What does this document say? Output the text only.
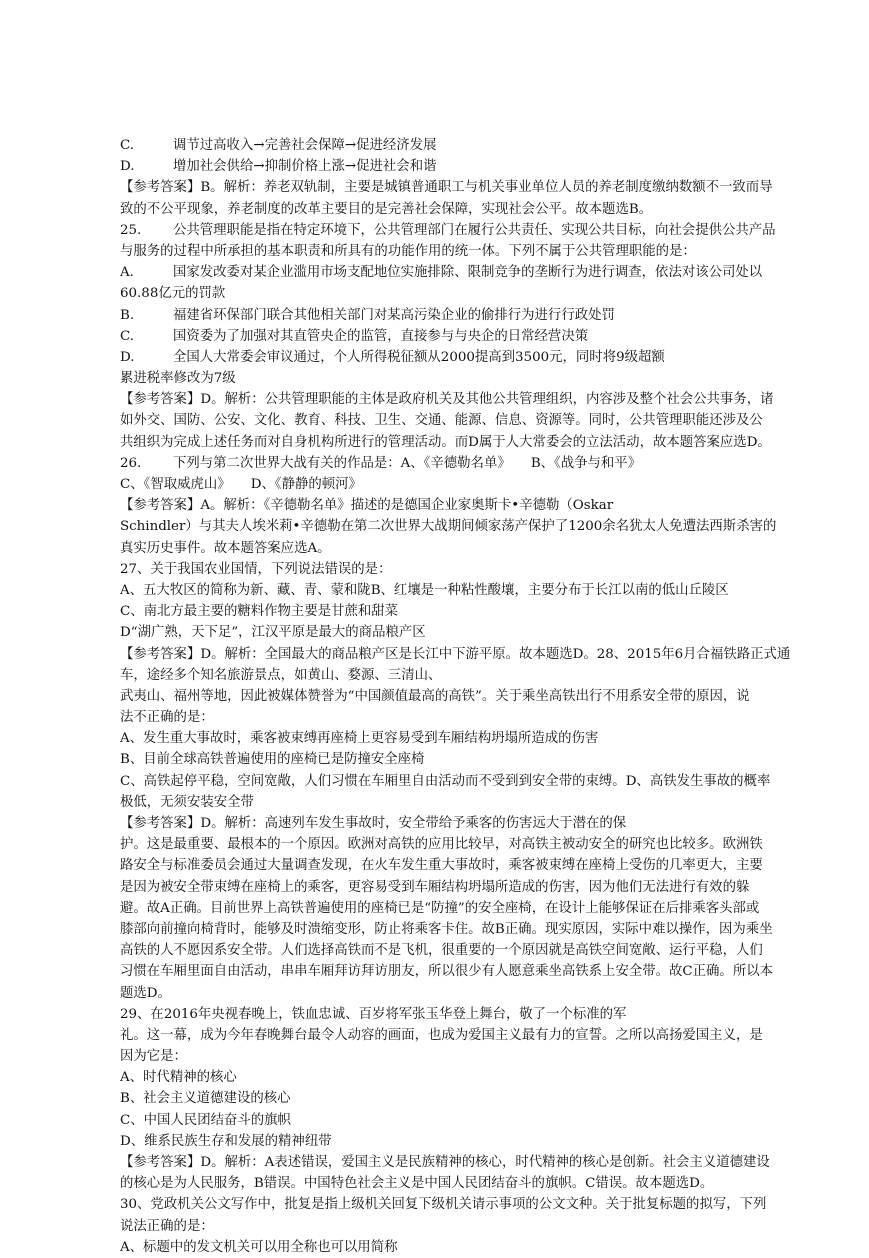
C.	调节过高收入→完善社会保障→促进经济发展
D.	增加社会供给→抑制价格上涨→促进社会和谐
【参考答案】B。解析：养老双轨制，主要是城镇普通职工与机关事业单位人员的养老制度缴纳数额不一致而导
致的不公平现象，养老制度的改革主要目的是完善社会保障，实现社会公平。故本题选B。
25. 公共管理职能是指在特定环境下，公共管理部门在履行公共责任、实现公共目标，向社会提供公共产品
与服务的过程中所承担的基本职责和所具有的功能作用的统一体。下列不属于公共管理职能的是：
A.	国家发改委对某企业滥用市场支配地位实施排除、限制竞争的垄断行为进行调查，依法对该公司处以
60.88亿元的罚款
B.	福建省环保部门联合其他相关部门对某高污染企业的偷排行为进行行政处罚
C.	国资委为了加强对其直管央企的监管，直接参与与央企的日常经营决策
D.	全国人大常委会审议通过，个人所得税征额从2000提高到3500元，同时将9级超额
累进税率修改为7级
【参考答案】D。解析：公共管理职能的主体是政府机关及其他公共管理组织，内容涉及整个社会公共事务，诸
如外交、国防、公安、文化、教育、科技、卫生、交通、能源、信息、资源等。同时，公共管理职能还涉及公
共组织为完成上述任务而对自身机构所进行的管理活动。而D属于人大常委会的立法活动，故本题答案应选D。
26. 下列与第二次世界大战有关的作品是：A、《辛德勒名单》　　B、《战争与和平》
C、《智取威虎山》　　D、《静静的顿河》
【参考答案】A。解析：《辛德勒名单》描述的是德国企业家奥斯卡•辛德勒（Oskar
Schindler）与其夫人埃米莉•辛德勒在第二次世界大战期间倾家荡产保护了1200余名犹太人免遭法西斯杀害的
真实历史事件。故本题答案应选A。
27、关于我国农业国情，下列说法错误的是：
A、五大牧区的简称为新、藏、青、蒙和陇B、红壤是一种粘性酸壤，主要分布于长江以南的低山丘陵区
C、南北方最主要的糖料作物主要是甘蔗和甜菜
D“湖广熟，天下足”，江汉平原是最大的商品粮产区
【参考答案】D。解析：全国最大的商品粮产区是长江中下游平原。故本题选D。28、2015年6月合福铁路正式通
车，途经多个知名旅游景点，如黄山、婺源、三清山、
武夷山、福州等地，因此被媒体赞誉为“中国颜值最高的高铁”。关于乘坐高铁出行不用系安全带的原因，说
法不正确的是：
A、发生重大事故时，乘客被束缚再座椅上更容易受到车厢结构坍塌所造成的伤害
B、目前全球高铁普遍使用的座椅已是防撞安全座椅
C、高铁起停平稳，空间宽敞，人们习惯在车厢里自由活动而不受到到安全带的束缚。D、高铁发生事故的概率
极低，无须安装安全带
【参考答案】D。解析：高速列车发生事故时，安全带给予乘客的伤害远大于潜在的保
护。这是最重要、最根本的一个原因。欧洲对高铁的应用比较早，对高铁主被动安全的研究也比较多。欧洲铁
路安全与标准委员会通过大量调查发现，在火车发生重大事故时，乘客被束缚在座椅上受伤的几率更大，主要
是因为被安全带束缚在座椅上的乘客，更容易受到车厢结构坍塌所造成的伤害，因为他们无法进行有效的躲
避。故A正确。目前世界上高铁普遍使用的座椅已是“防撞”的安全座椅，在设计上能够保证在后排乘客头部或
膝部向前撞向椅背时，能够及时溃缩变形，防止将乘客卡住。故B正确。现实原因，实际中难以操作，因为乘坐
高铁的人不愿因系安全带。人们选择高铁而不是飞机，很重要的一个原因就是高铁空间宽敞、运行平稳，人们
习惯在车厢里面自由活动，串串车厢拜访拜访朋友，所以很少有人愿意乘坐高铁系上安全带。故C正确。所以本
题选D。
29、在2016年央视春晚上，铁血忠诚、百岁将军张玉华登上舞台，敬了一个标准的军
礼。这一幕，成为今年春晚舞台最令人动容的画面，也成为爱国主义最有力的宣誓。之所以高扬爱国主义，是
因为它是：
A、时代精神的核心
B、社会主义道德建设的核心
C、中国人民团结奋斗的旗帜
D、维系民族生存和发展的精神纽带
【参考答案】D。解析：A表述错误，爱国主义是民族精神的核心，时代精神的核心是创新。社会主义道德建设
的核心是为人民服务，B错误。中国特色社会主义是中国人民团结奋斗的旗帜。C错误。故本题选D。
30、党政机关公文写作中，批复是指上级机关回复下级机关请示事项的公文文种。关于批复标题的拟写，下列
说法正确的是：
A、标题中的发文机关可以用全称也可以用简称
